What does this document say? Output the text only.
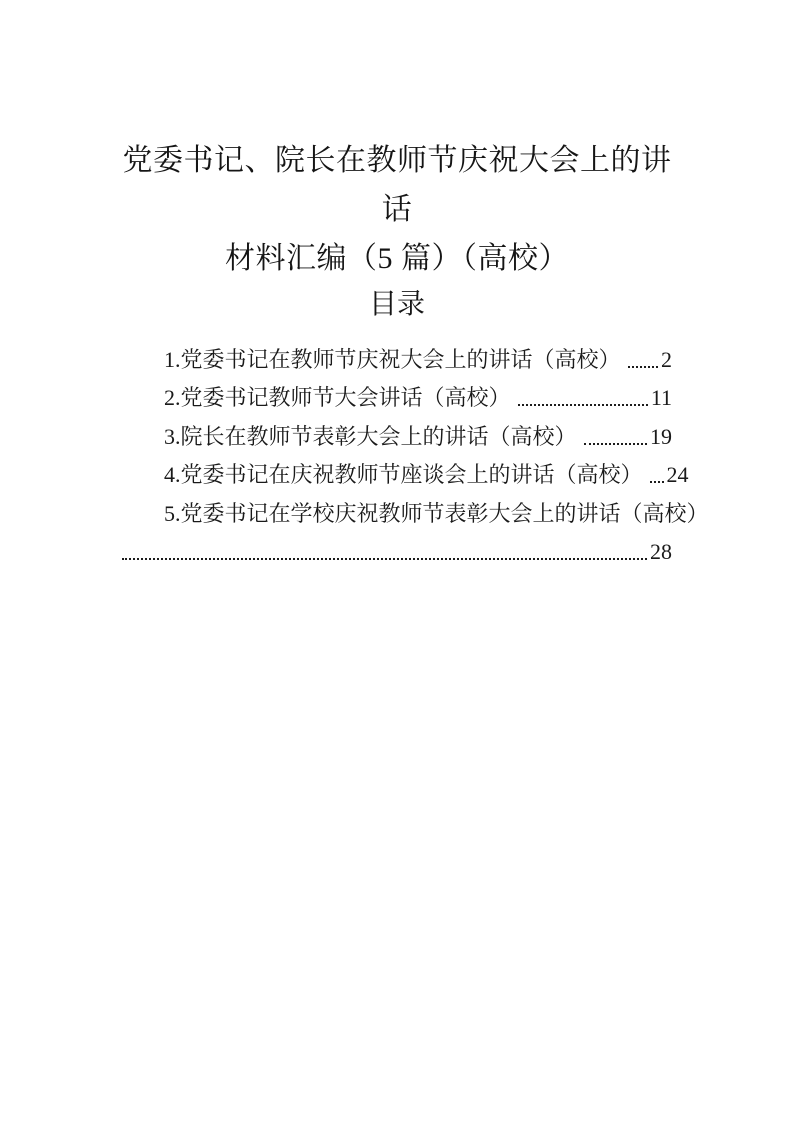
党委书记、院长在教师节庆祝大会上的讲话
材料汇编（5 篇）（高校）
目录
1.党委书记在教师节庆祝大会上的讲话（高校） 2
2.党委书记教师节大会讲话（高校）	11
3.院长在教师节表彰大会上的讲话（高校）	19
4.党委书记在庆祝教师节座谈会上的讲话（高校） 24
5.党委书记在学校庆祝教师节表彰大会上的讲话（高校）
28
